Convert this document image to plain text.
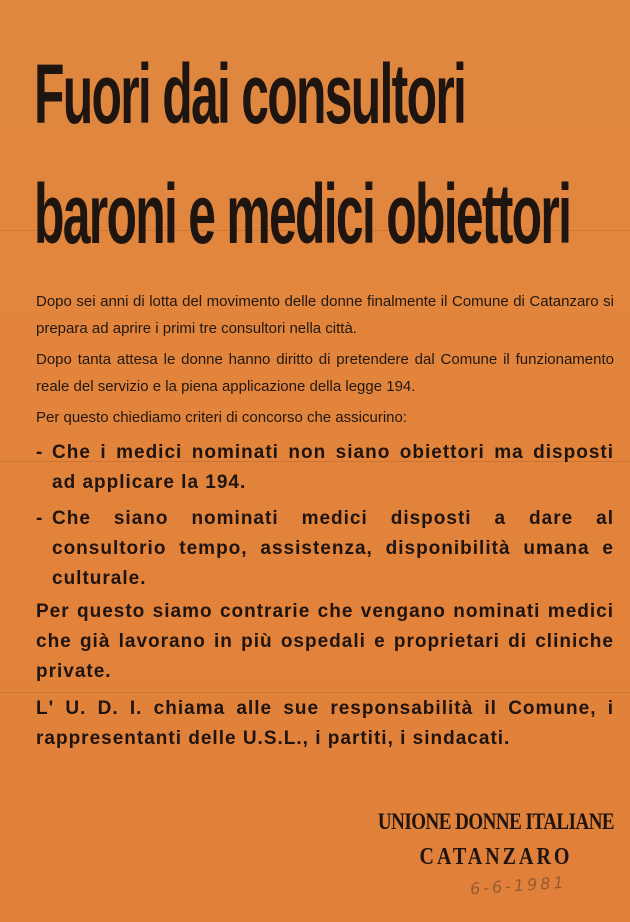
Fuori dai consultori
baroni e medici obiettori
Dopo sei anni di lotta del movimento delle donne finalmente il Comune di Catanzaro si prepara ad aprire i primi tre consultori nella città.
Dopo tanta attesa le donne hanno diritto di pretendere dal Comune il funzionamento reale del servizio e la piena applicazione della legge 194.
Per questo chiediamo criteri di concorso che assicurino:
- Che i medici nominati non siano obiettori ma disposti ad applicare la 194.
- Che siano nominati medici disposti a dare al consultorio tempo, assistenza, disponibilità umana e culturale.
Per questo siamo contrarie che vengano nominati medici che già lavorano in più ospedali e proprietari di cliniche private.
L' U. D. I. chiama alle sue responsabilità il Comune, i rappresentanti delle U.S.L., i partiti, i sindacati.
UNIONE DONNE ITALIANE
CATANZARO
6-6-1981
